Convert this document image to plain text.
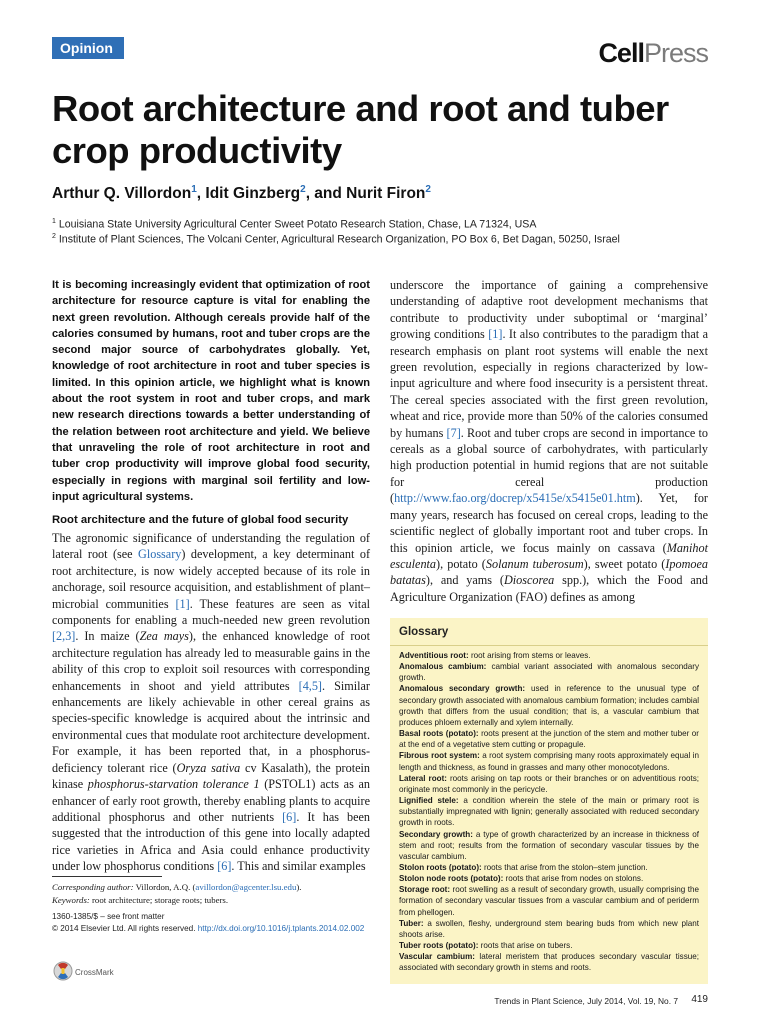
Opinion	CellPress
Root architecture and root and tuber crop productivity
Arthur Q. Villordon$^1$, Idit Ginzberg$^2$, and Nurit Firon$^2$
$^1$ Louisiana State University Agricultural Center Sweet Potato Research Station, Chase, LA 71324, USA
$^2$ Institute of Plant Sciences, The Volcani Center, Agricultural Research Organization, PO Box 6, Bet Dagan, 50250, Israel
It is becoming increasingly evident that optimization of root architecture for resource capture is vital for enabling the next green revolution. Although cereals provide half of the calories consumed by humans, root and tuber crops are the second major source of carbohydrates globally. Yet, knowledge of root architecture in root and tuber species is limited. In this opinion article, we highlight what is known about the root system in root and tuber crops, and mark new research directions towards a better understanding of the relation between root architecture and yield. We believe that unraveling the role of root architecture in root and tuber crop productivity will improve global food security, especially in regions with marginal soil fertility and low-input agricultural systems.
Root architecture and the future of global food security
The agronomic significance of understanding the regulation of lateral root (see Glossary) development, a key determinant of root architecture, is now widely accepted because of its role in anchorage, soil resource acquisition, and establishment of plant–microbial communities [1]. These features are seen as vital components for enabling a much-needed new green revolution [2,3]. In maize (Zea mays), the enhanced knowledge of root architecture regulation has already led to measurable gains in the ability of this crop to exploit soil resources with corresponding enhancements in shoot and yield attributes [4,5]. Similar enhancements are likely achievable in other cereal grains as species-specific knowledge is acquired about the intrinsic and environmental cues that modulate root architecture development. For example, it has been reported that, in a phosphorus-deficiency tolerant rice (Oryza sativa cv Kasalath), the protein kinase phosphorus-starvation tolerance 1 (PSTOL1) acts as an enhancer of early root growth, thereby enabling plants to acquire additional phosphorus and other nutrients [6]. It has been suggested that the introduction of this gene into locally adapted rice varieties in Africa and Asia could enhance productivity under low phosphorus conditions [6]. This and similar examples
underscore the importance of gaining a comprehensive understanding of adaptive root development mechanisms that contribute to productivity under suboptimal or ‘marginal’ growing conditions [1]. It also contributes to the paradigm that a research emphasis on plant root systems will enable the next green revolution, especially in regions characterized by low-input agriculture and where food insecurity is a persistent threat. The cereal species associated with the first green revolution, wheat and rice, provide more than 50% of the calories consumed by humans [7]. Root and tuber crops are second in importance to cereals as a global source of carbohydrates, with particularly high production potential in humid regions that are not suitable for cereal production (http://www.fao.org/docrep/x5415e/x5415e01.htm). Yet, for many years, research has focused on cereal crops, leading to the scientific neglect of globally important root and tuber crops. In this opinion article, we focus mainly on cassava (Manihot esculenta), potato (Solanum tuberosum), sweet potato (Ipomoea batatas), and yams (Dioscorea spp.), which the Food and Agriculture Organization (FAO) defines as among

Corresponding author: Villordon, A.Q. (avillordon@agcenter.lsu.edu).

Keywords: root architecture; storage roots; tubers.

1360-1385/$ – see front matter
© 2014 Elsevier Ltd. All rights reserved. http://dx.doi.org/10.1016/j.tplants.2014.02.002
CrossMark
Glossary

Adventitious root: root arising from stems or leaves.

Anomalous cambium: cambial variant associated with anomalous secondary growth.

Anomalous secondary growth: used in reference to the unusual type of secondary growth associated with anomalous cambium formation; includes cambial growth that differs from the usual condition; that is, a vascular cambium that produces phloem externally and xylem internally.

Basal roots (potato): roots present at the junction of the stem and mother tuber or at the end of a vegetative stem cutting or propagule.

Fibrous root system: a root system comprising many roots approximately equal in length and thickness, as found in grasses and many other monocotyledons.

Lateral root: roots arising on tap roots or their branches or on adventitious roots; originate most commonly in the pericycle.

Lignified stele: a condition wherein the stele of the main or primary root is substantially impregnated with lignin; generally associated with reduced secondary growth in roots.

Secondary growth: a type of growth characterized by an increase in thickness of stem and root; results from the formation of secondary vascular tissues by the vascular cambium.

Stolon roots (potato): roots that arise from the stolon–stem junction.

Stolon node roots (potato): roots that arise from nodes on stolons.

Storage root: root swelling as a result of secondary growth, usually comprising the formation of secondary vascular tissues from a vascular cambium and of periderm from phellogen.

Tuber: a swollen, fleshy, underground stem bearing buds from which new plant shoots arise.

Tuber roots (potato): roots that arise on tubers.

Vascular cambium: lateral meristem that produces secondary vascular tissue; associated with secondary growth in stems and roots.

Trends in Plant Science, July 2014, Vol. 19, No. 7 419
